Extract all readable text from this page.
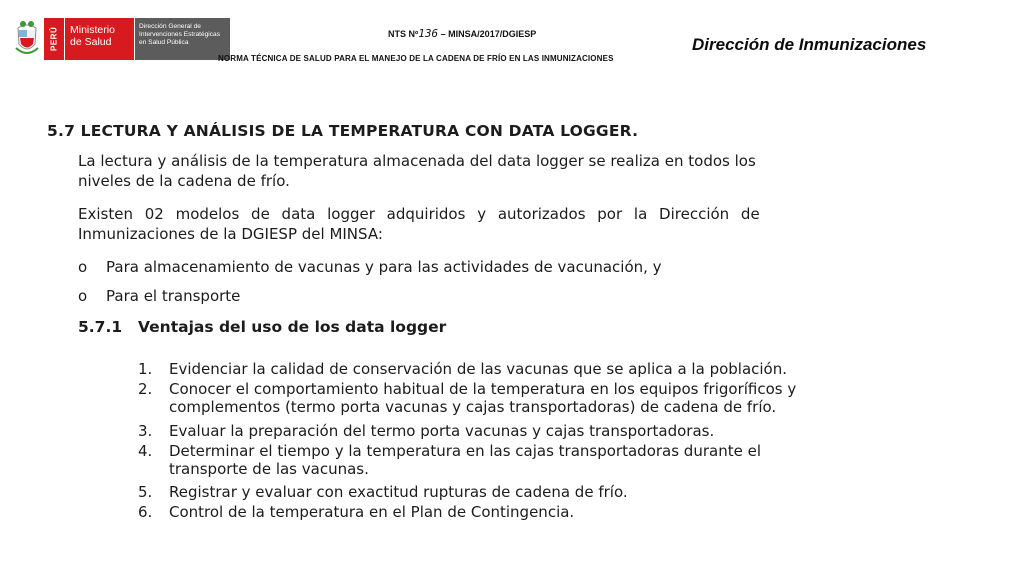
PERÚ	Ministerio de Salud
Dirección General de Intervenciones Estratégicas en Salud Pública
NTS Nº136 – MINSA/2017/DGIESP
NORMA TÉCNICA DE SALUD PARA EL MANEJO DE LA CADENA DE FRÍO EN LAS INMUNIZACIONES
Dirección de Inmunizaciones
5.7 LECTURA Y ANÁLISIS DE LA TEMPERATURA CON DATA LOGGER.
La lectura y análisis de la temperatura almacenada del data logger se realiza en todos los
niveles de la cadena de frío.
Existen 02 modelos de data logger adquiridos y autorizados por la Dirección de
Inmunizaciones de la DGIESP del MINSA:
o Para almacenamiento de vacunas y para las actividades de vacunación, y
o Para el transporte
5.7.1 Ventajas del uso de los data logger
1. Evidenciar la calidad de conservación de las vacunas que se aplica a la población.
2. Conocer el comportamiento habitual de la temperatura en los equipos frigoríficos y
complementos (termo porta vacunas y cajas transportadoras) de cadena de frío.
3. Evaluar la preparación del termo porta vacunas y cajas transportadoras.
4. Determinar el tiempo y la temperatura en las cajas transportadoras durante el
transporte de las vacunas.
5. Registrar y evaluar con exactitud rupturas de cadena de frío.
6. Control de la temperatura en el Plan de Contingencia.
